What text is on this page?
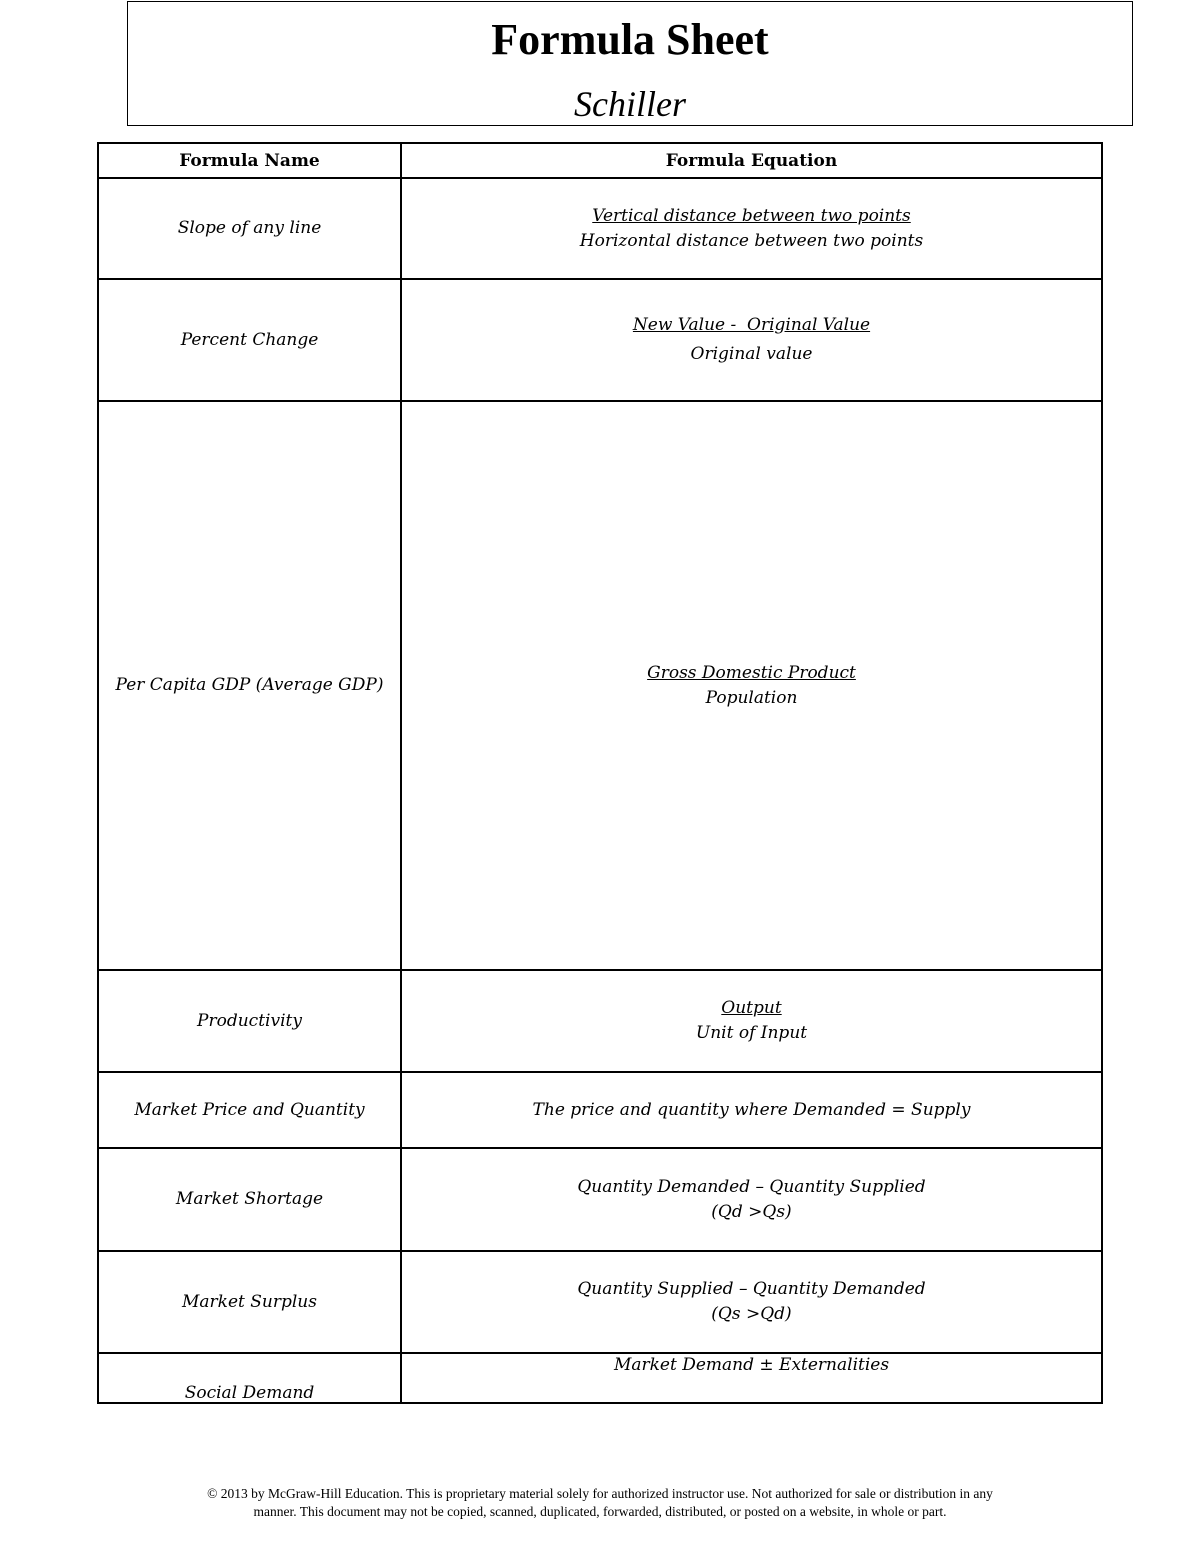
Formula Sheet
Schiller
Formula Name	Formula Equation
Slope of any line
Vertical distance between two points
Horizontal distance between two points
Percent Change
New Value -  Original Value
Original value
Per Capita GDP (Average GDP)
Gross Domestic Product
Population
Productivity
Output
Unit of Input
Market Price and Quantity	The price and quantity where Demanded = Supply
Market Shortage
Quantity Demanded – Quantity Supplied
(Qd >Qs)
Market Surplus
Quantity Supplied – Quantity Demanded
(Qs >Qd)
Social Demand
Market Demand ± Externalities
© 2013 by McGraw-Hill Education. This is proprietary material solely for authorized instructor use. Not authorized for sale or distribution in any
manner. This document may not be copied, scanned, duplicated, forwarded, distributed, or posted on a website, in whole or part.
